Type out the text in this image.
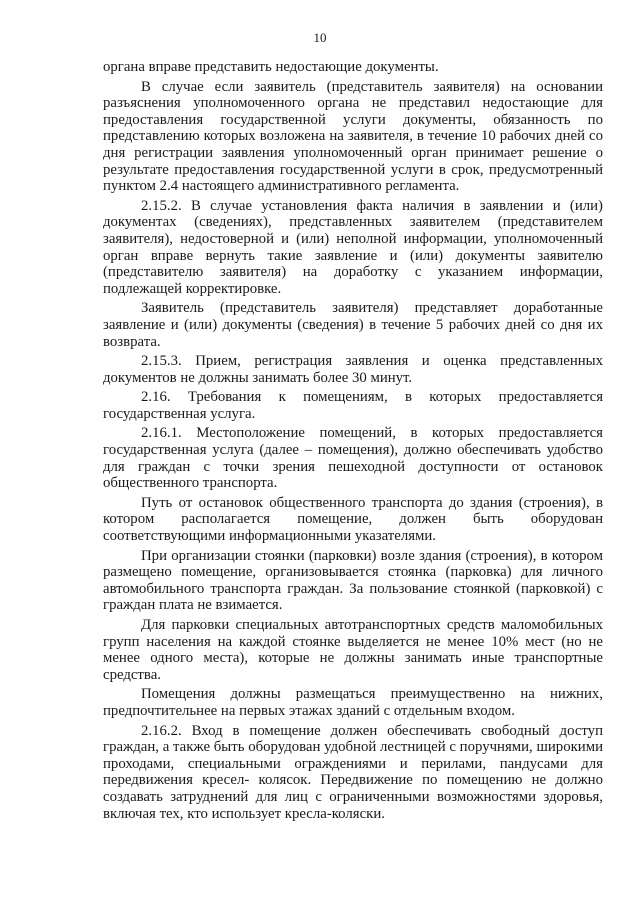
10

органа вправе представить недостающие документы.

В случае если заявитель (представитель заявителя) на основании разъяснения уполномоченного органа не представил недостающие для предоставления государственной услуги документы, обязанность по представлению которых возложена на заявителя, в течение 10 рабочих дней со дня регистрации заявления уполномоченный орган принимает решение о результате предоставления государственной услуги в срок, предусмотренный пунктом 2.4 настоящего административного регламента.

2.15.2. В случае установления факта наличия в заявлении и (или) документах (сведениях), представленных заявителем (представителем заявителя), недостоверной и (или) неполной информации, уполномоченный орган вправе вернуть такие заявление и (или) документы заявителю (представителю заявителя) на доработку с указанием информации, подлежащей корректировке.

Заявитель (представитель заявителя) представляет доработанные заявление и (или) документы (сведения) в течение 5 рабочих дней со дня их возврата.

2.15.3. Прием, регистрация заявления и оценка представленных документов не должны занимать более 30 минут.

2.16. Требования к помещениям, в которых предоставляется государственная услуга.

2.16.1. Местоположение помещений, в которых предоставляется государственная услуга (далее – помещения), должно обеспечивать удобство для граждан с точки зрения пешеходной доступности от остановок общественного транспорта.

Путь от остановок общественного транспорта до здания (строения), в котором располагается помещение, должен быть оборудован соответствующими информационными указателями.

При организации стоянки (парковки) возле здания (строения), в котором размещено помещение, организовывается стоянка (парковка) для личного автомобильного транспорта граждан. За пользование стоянкой (парковкой) с граждан плата не взимается.

Для парковки специальных автотранспортных средств маломобильных групп населения на каждой стоянке выделяется не менее 10% мест (но не менее одного места), которые не должны занимать иные транспортные средства.

Помещения должны размещаться преимущественно на нижних, предпочтительнее на первых этажах зданий с отдельным входом.

2.16.2. Вход в помещение должен обеспечивать свободный доступ граждан, а также быть оборудован удобной лестницей с поручнями, широкими проходами, специальными ограждениями и перилами, пандусами для передвижения кресел- колясок. Передвижение по помещению не должно создавать затруднений для лиц с ограниченными возможностями здоровья, включая тех, кто использует кресла-коляски.
